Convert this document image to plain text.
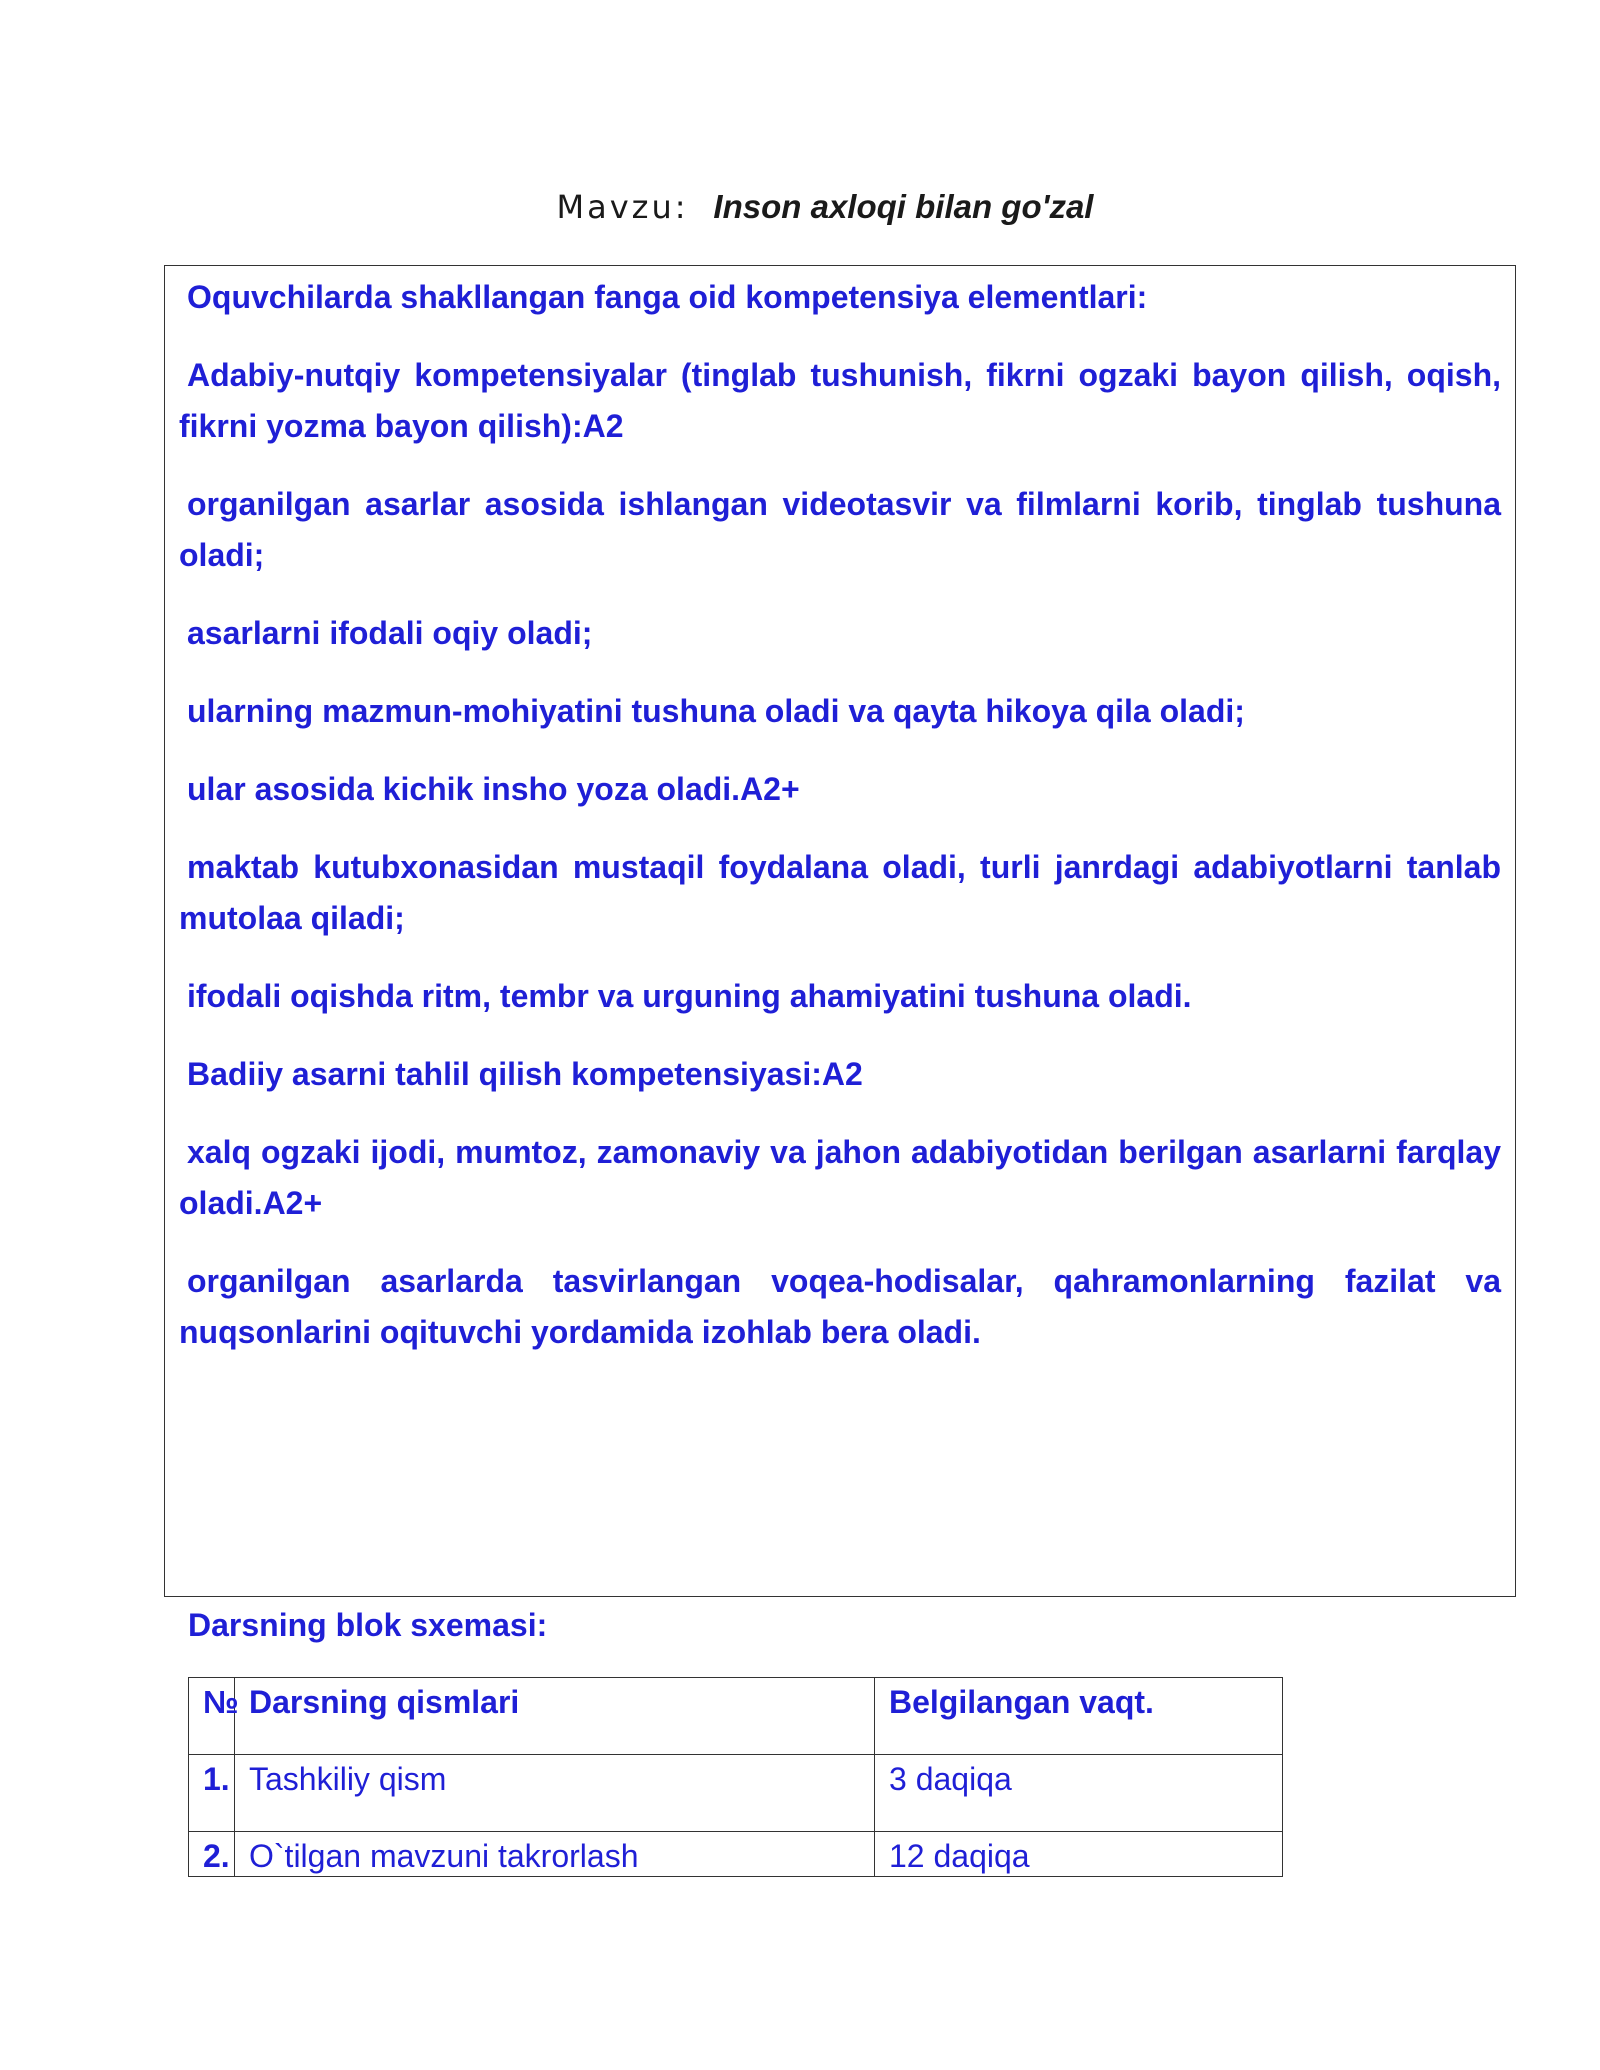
Mavzu: Inson axloqi bilan go'zal

Oquvchilarda shakllangan fanga oid kompetensiya elementlari:

Adabiy-nutqiy kompetensiyalar (tinglab tushunish, fikrni ogzaki bayon qilish, oqish, fikrni yozma bayon qilish):A2

organilgan asarlar asosida ishlangan videotasvir va filmlarni korib, tinglab tushuna oladi;

asarlarni ifodali oqiy oladi;

ularning mazmun-mohiyatini tushuna oladi va qayta hikoya qila oladi;

ular asosida kichik insho yoza oladi.A2+

maktab kutubxonasidan mustaqil foydalana oladi, turli janrdagi adabiyotlarni tanlab mutolaa qiladi;

ifodali oqishda ritm, tembr va urguning ahamiyatini tushuna oladi.

Badiiy asarni tahlil qilish kompetensiyasi:A2

xalq ogzaki ijodi, mumtoz, zamonaviy va jahon adabiyotidan berilgan asarlarni farqlay oladi.A2+

organilgan asarlarda tasvirlangan voqea-hodisalar, qahramonlarning fazilat va nuqsonlarini oqituvchi yordamida izohlab bera oladi.

Darsning blok sxemasi:
№	Darsning qismlari	Belgilangan vaqt.
1.	Tashkiliy qism	3 daqiqa
2.	O`tilgan mavzuni takrorlash	12 daqiqa
